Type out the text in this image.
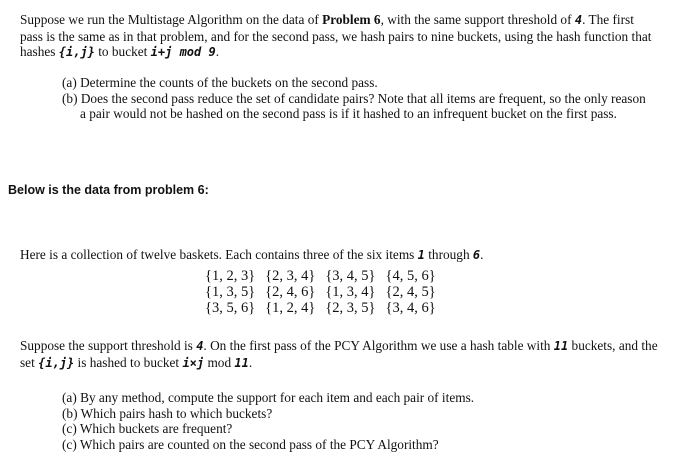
Suppose we run the Multistage Algorithm on the data of Problem 6, with the same support threshold of 4. The first pass is the same as in that problem, and for the second pass, we hash pairs to nine buckets, using the hash function that hashes {i,j} to bucket i+j mod 9.
(a) Determine the counts of the buckets on the second pass.
(b) Does the second pass reduce the set of candidate pairs? Note that all items are frequent, so the only reason a pair would not be hashed on the second pass is if it hashed to an infrequent bucket on the first pass.
Below is the data from problem 6:
Here is a collection of twelve baskets. Each contains three of the six items 1 through 6.
{1, 2, 3}	{2, 3, 4}	{3, 4, 5}	{4, 5, 6}
{1, 3, 5}	{2, 4, 6}	{1, 3, 4}	{2, 4, 5}
{3, 5, 6}	{1, 2, 4}	{2, 3, 5}	{3, 4, 6}
Suppose the support threshold is 4. On the first pass of the PCY Algorithm we use a hash table with 11 buckets, and the set {i,j} is hashed to bucket i×j mod 11.
(a) By any method, compute the support for each item and each pair of items.
(b) Which pairs hash to which buckets?
(c) Which buckets are frequent?
(c) Which pairs are counted on the second pass of the PCY Algorithm?
